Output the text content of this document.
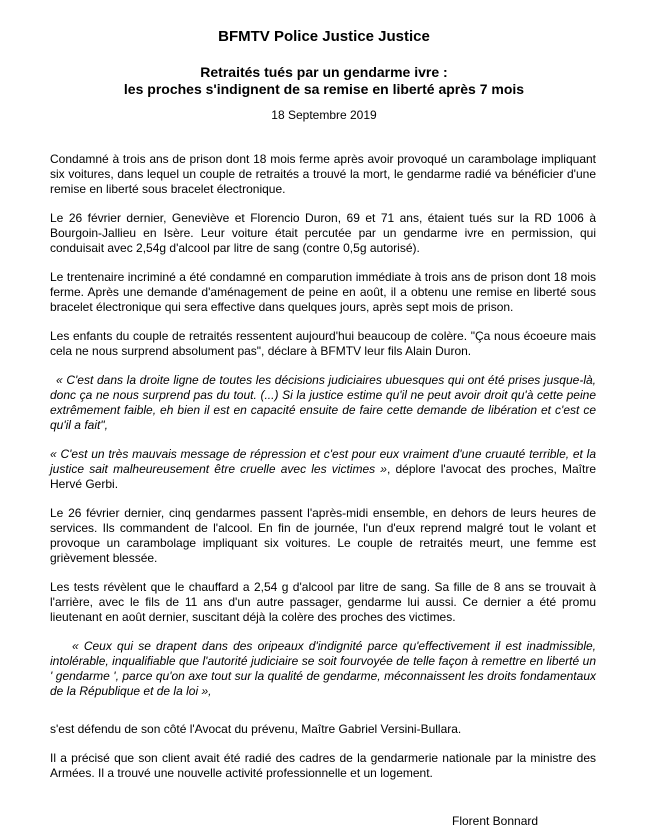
BFMTV Police Justice Justice
Retraités tués par un gendarme ivre :
les proches s'indignent de sa remise en liberté après 7 mois
18 Septembre 2019

Condamné à trois ans de prison dont 18 mois ferme après avoir provoqué un carambolage impliquant six voitures, dans lequel un couple de retraités a trouvé la mort, le gendarme radié va bénéficier d'une remise en liberté sous bracelet électronique.

Le 26 février dernier, Geneviève et Florencio Duron, 69 et 71 ans, étaient tués sur la RD 1006 à Bourgoin-Jallieu en Isère. Leur voiture était percutée par un gendarme ivre en permission, qui conduisait avec 2,54g d'alcool par litre de sang (contre 0,5g autorisé).

Le trentenaire incriminé a été condamné en comparution immédiate à trois ans de prison dont 18 mois ferme. Après une demande d'aménagement de peine en août, il a obtenu une remise en liberté sous bracelet électronique qui sera effective dans quelques jours, après sept mois de prison.

Les enfants du couple de retraités ressentent aujourd'hui beaucoup de colère. "Ça nous écoeure mais cela ne nous surprend absolument pas", déclare à BFMTV leur fils Alain Duron.

« C'est dans la droite ligne de toutes les décisions judiciaires ubuesques qui ont été prises jusque-là, donc ça ne nous surprend pas du tout. (...) Si la justice estime qu'il ne peut avoir droit qu'à cette peine extrêmement faible, eh bien il est en capacité ensuite de faire cette demande de libération et c'est ce qu'il a fait",

« C'est un très mauvais message de répression et c'est pour eux vraiment d'une cruauté terrible, et la justice sait malheureusement être cruelle avec les victimes », déplore l'avocat des proches, Maître Hervé Gerbi.

Le 26 février dernier, cinq gendarmes passent l'après-midi ensemble, en dehors de leurs heures de services. Ils commandent de l'alcool. En fin de journée, l'un d'eux reprend malgré tout le volant et provoque un carambolage impliquant six voitures. Le couple de retraités meurt, une femme est grièvement blessée.

Les tests révèlent que le chauffard a 2,54 g d'alcool par litre de sang. Sa fille de 8 ans se trouvait à l'arrière, avec le fils de 11 ans d'un autre passager, gendarme lui aussi. Ce dernier a été promu lieutenant en août dernier, suscitant déjà la colère des proches des victimes.

« Ceux qui se drapent dans des oripeaux d'indignité parce qu'effectivement il est inadmissible, intolérable, inqualifiable que l'autorité judiciaire se soit fourvoyée de telle façon à remettre en liberté un ' gendarme ', parce qu'on axe tout sur la qualité de gendarme, méconnaissent les droits fondamentaux de la République et de la loi »,

s'est défendu de son côté l'Avocat du prévenu, Maître Gabriel Versini-Bullara.

Il a précisé que son client avait été radié des cadres de la gendarmerie nationale par la ministre des Armées. Il a trouvé une nouvelle activité professionnelle et un logement.

Florent Bonnard
